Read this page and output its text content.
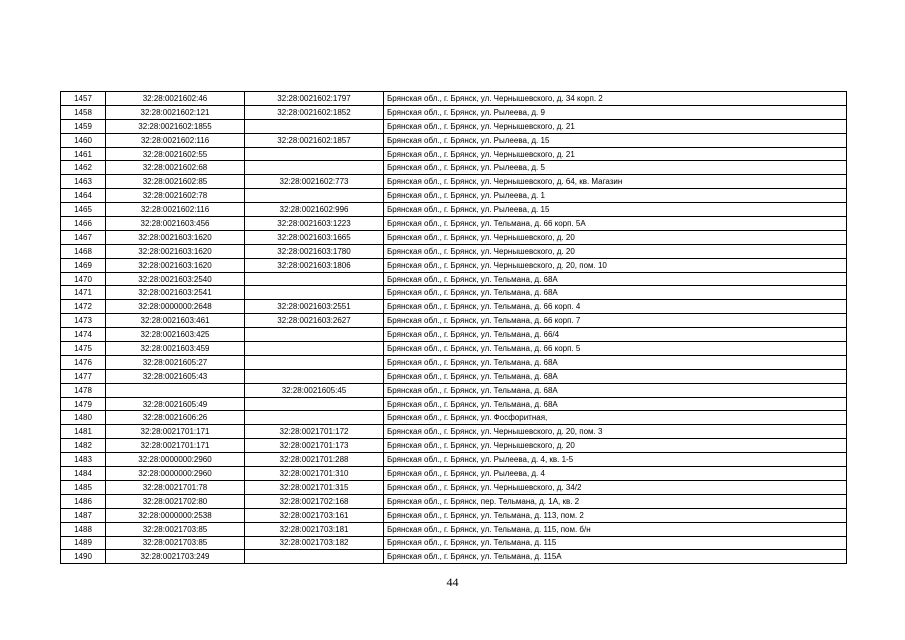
1457	32:28:0021602:46	32:28:0021602:1797	Брянская обл., г. Брянск, ул. Чернышевского, д. 34 корп. 2
1458	32:28:0021602:121	32:28:0021602:1852	Брянская обл., г. Брянск, ул. Рылеева, д. 9
1459	32:28:0021602:1855		Брянская обл., г. Брянск, ул. Чернышевского, д. 21
1460	32:28:0021602:116	32:28:0021602:1857	Брянская обл., г. Брянск, ул. Рылеева, д. 15
1461	32:28:0021602:55		Брянская обл., г. Брянск, ул. Чернышевского, д. 21
1462	32:28:0021602:68		Брянская обл., г. Брянск, ул. Рылеева, д. 5
1463	32:28:0021602:85	32:28:0021602:773	Брянская обл., г. Брянск, ул. Чернышевского, д. 64, кв. Магазин
1464	32:28:0021602:78		Брянская обл., г. Брянск, ул. Рылеева, д. 1
1465	32:28:0021602:116	32:28:0021602:996	Брянская обл., г. Брянск, ул. Рылеева, д. 15
1466	32:28:0021603:456	32:28:0021603:1223	Брянская обл., г. Брянск, ул. Тельмана, д. 66 корп. 5А
1467	32:28:0021603:1620	32:28:0021603:1665	Брянская обл., г. Брянск, ул. Чернышевского, д. 20
1468	32:28:0021603:1620	32:28:0021603:1780	Брянская обл., г. Брянск, ул. Чернышевского, д. 20
1469	32:28:0021603:1620	32:28:0021603:1806	Брянская обл., г. Брянск, ул. Чернышевского, д. 20, пом. 10
1470	32:28:0021603:2540		Брянская обл., г. Брянск, ул. Тельмана, д. 68А
1471	32:28:0021603:2541		Брянская обл., г. Брянск, ул. Тельмана, д. 68А
1472	32:28:0000000:2648	32:28:0021603:2551	Брянская обл., г. Брянск, ул. Тельмана, д. 66 корп. 4
1473	32:28:0021603:461	32:28:0021603:2627	Брянская обл., г. Брянск, ул. Тельмана, д. 66 корп. 7
1474	32:28:0021603:425		Брянская обл., г. Брянск, ул. Тельмана, д. 66/4
1475	32:28:0021603:459		Брянская обл., г. Брянск, ул. Тельмана, д. 66 корп. 5
1476	32:28:0021605:27		Брянская обл., г. Брянск, ул. Тельмана, д. 68А
1477	32:28:0021605:43		Брянская обл., г. Брянск, ул. Тельмана, д. 68А
1478		32:28:0021605:45	Брянская обл., г. Брянск, ул. Тельмана, д. 68А
1479	32:28:0021605:49		Брянская обл., г. Брянск, ул. Тельмана, д. 68А
1480	32:28:0021606:26		Брянская обл., г. Брянск, ул. Фосфоритная,
1481	32:28:0021701:171	32:28:0021701:172	Брянская обл., г. Брянск, ул. Чернышевского, д. 20, пом. 3
1482	32:28:0021701:171	32:28:0021701:173	Брянская обл., г. Брянск, ул. Чернышевского, д. 20
1483	32:28:0000000:2960	32:28:0021701:288	Брянская обл., г. Брянск, ул. Рылеева, д. 4, кв. 1-5
1484	32:28:0000000:2960	32:28:0021701:310	Брянская обл., г. Брянск, ул. Рылеева, д. 4
1485	32:28:0021701:78	32:28:0021701:315	Брянская обл., г. Брянск, ул. Чернышевского, д. 34/2
1486	32:28:0021702:80	32:28:0021702:168	Брянская обл., г. Брянск, пер. Тельмана, д. 1А, кв. 2
1487	32:28:0000000:2538	32:28:0021703:161	Брянская обл., г. Брянск, ул. Тельмана, д. 113, пом. 2
1488	32:28:0021703:85	32:28:0021703:181	Брянская обл., г. Брянск, ул. Тельмана, д. 115, пом. б/н
1489	32:28:0021703:85	32:28:0021703:182	Брянская обл., г. Брянск, ул. Тельмана, д. 115
1490	32:28:0021703:249		Брянская обл., г. Брянск, ул. Тельмана, д. 115А
44
